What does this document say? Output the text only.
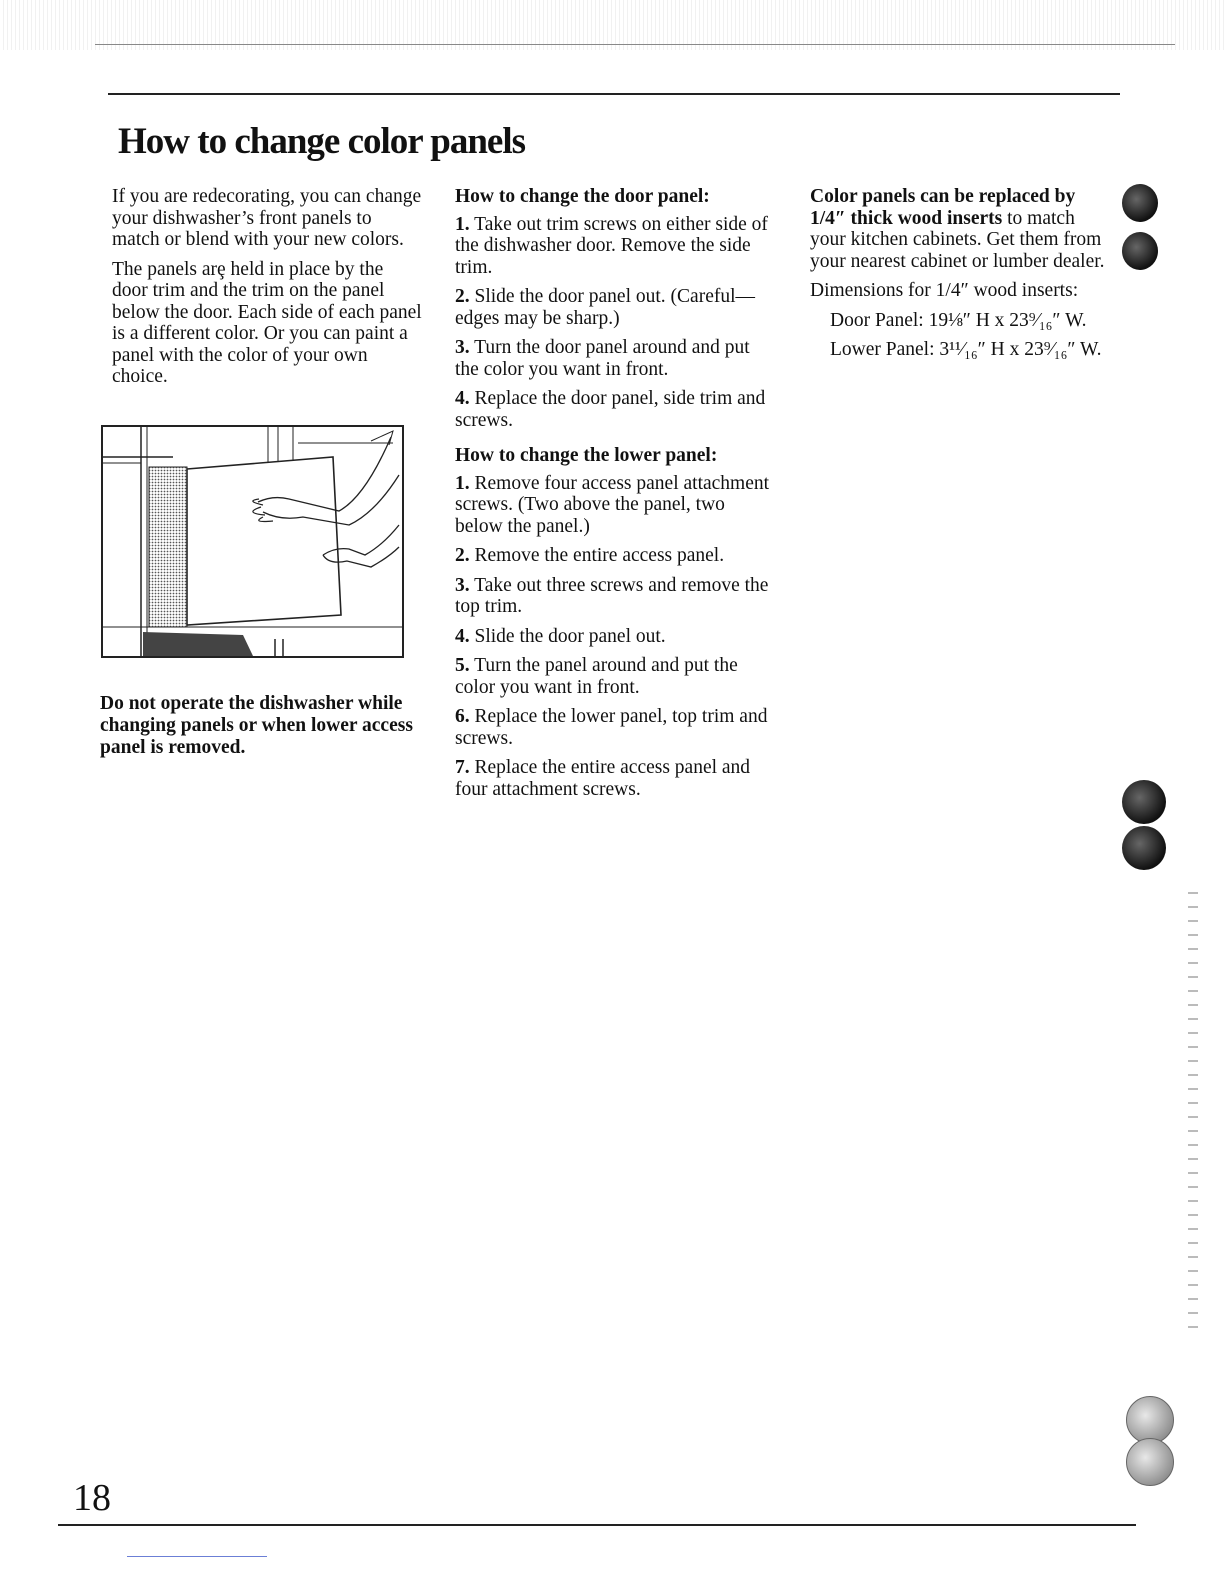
How to change color panels

If you are redecorating, you can change your dishwasher’s front panels to match or blend with your new colors.

The panels arȩ held in place by the door trim and the trim on the panel below the door. Each side of each panel is a different color. Or you can paint a panel with the color of your own choice.

Do not operate the dishwasher while changing panels or when lower access panel is removed.

How to change the door panel:

1. Take out trim screws on either side of the dishwasher door. Remove the side trim.

2. Slide the door panel out. (Careful—edges may be sharp.)

3. Turn the door panel around and put the color you want in front.

4. Replace the door panel, side trim and screws.

How to change the lower panel:

1. Remove four access panel attachment screws. (Two above the panel, two below the panel.)

2. Remove the entire access panel.

3. Take out three screws and remove the top trim.

4. Slide the door panel out.

5. Turn the panel around and put the color you want in front.

6. Replace the lower panel, top trim and screws.

7. Replace the entire access panel and four attachment screws.

Color panels can be replaced by 1/4″ thick wood inserts to match your kitchen cabinets. Get them from your nearest cabinet or lumber dealer.

Dimensions for 1/4″ wood inserts:

Door Panel: 19⅛″ H x 23⁹⁄₁₆″ W.

Lower Panel: 3¹¹⁄₁₆″ H x 23⁹⁄₁₆″ W.

18
